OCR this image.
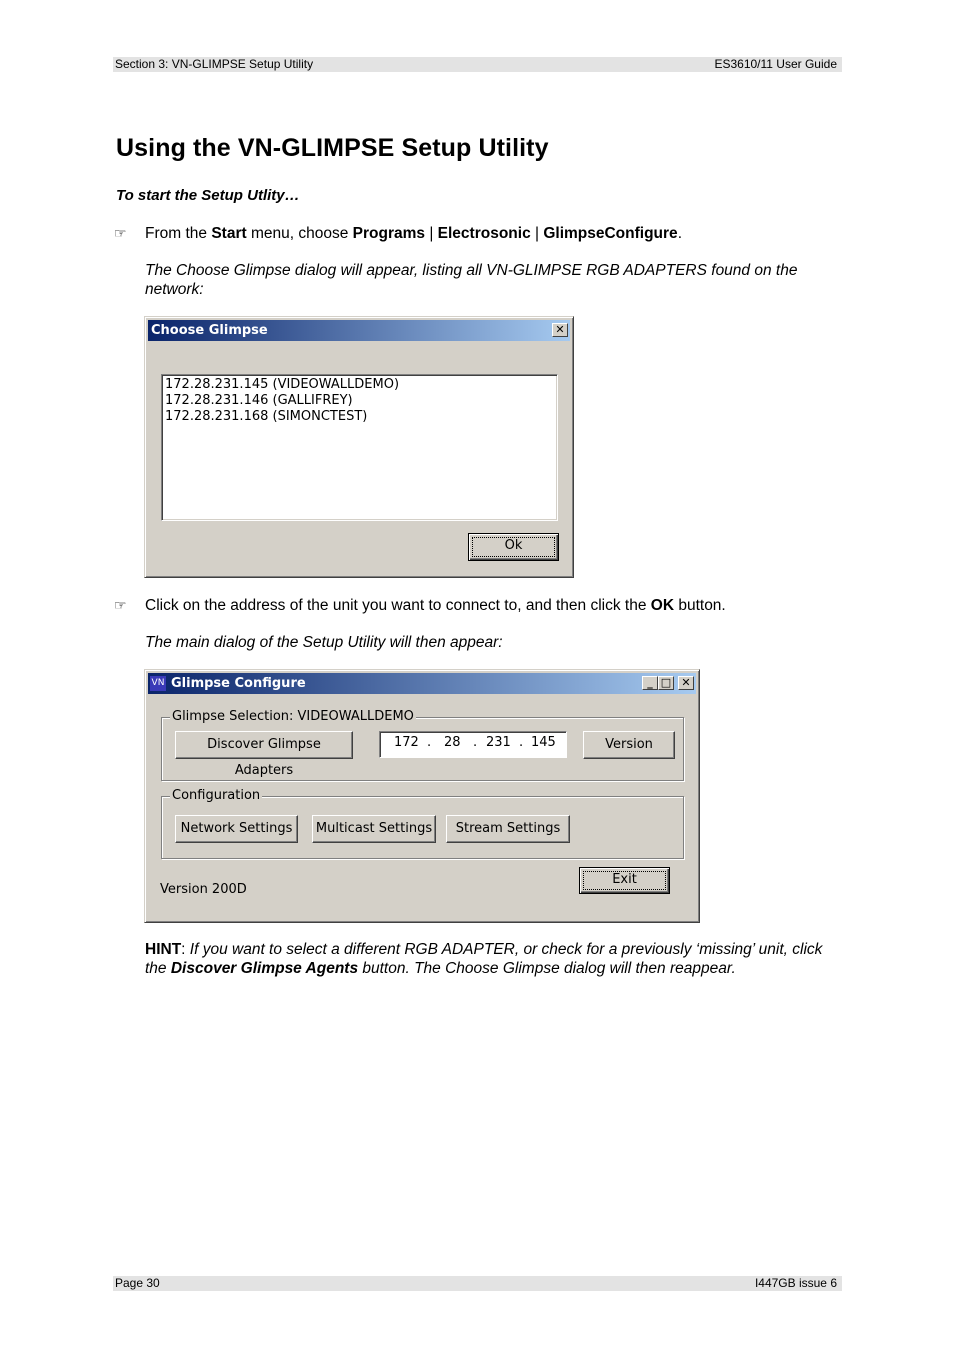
Section 3: VN-GLIMPSE Setup Utility	ES3610/11 User Guide
Using the VN-GLIMPSE Setup Utility
To start the Setup Utlity…
☞ From the Start menu, choose Programs | Electrosonic | GlimpseConfigure.
The Choose Glimpse dialog will appear, listing all VN-GLIMPSE RGB ADAPTERS found on the network:
Choose Glimpse	✕
172.28.231.145 (VIDEOWALLDEMO)
172.28.231.146 (GALLIFREY)
172.28.231.168 (SIMONCTEST)
Ok
☞ Click on the address of the unit you want to connect to, and then click the OK button.
The main dialog of the Setup Utility will then appear:
VN Glimpse Configure	_ □ ✕
Glimpse Selection: VIDEOWALLDEMO
Discover Glimpse Adapters
172 . 28 . 231 . 145	Version
Configuration
Network Settings	Multicast Settings	Stream Settings
Version 200D
Exit
HINT: If you want to select a different RGB ADAPTER, or check for a previously ‘missing’ unit, click the Discover Glimpse Agents button. The Choose Glimpse dialog will then reappear.
Page 30	I447GB issue 6
